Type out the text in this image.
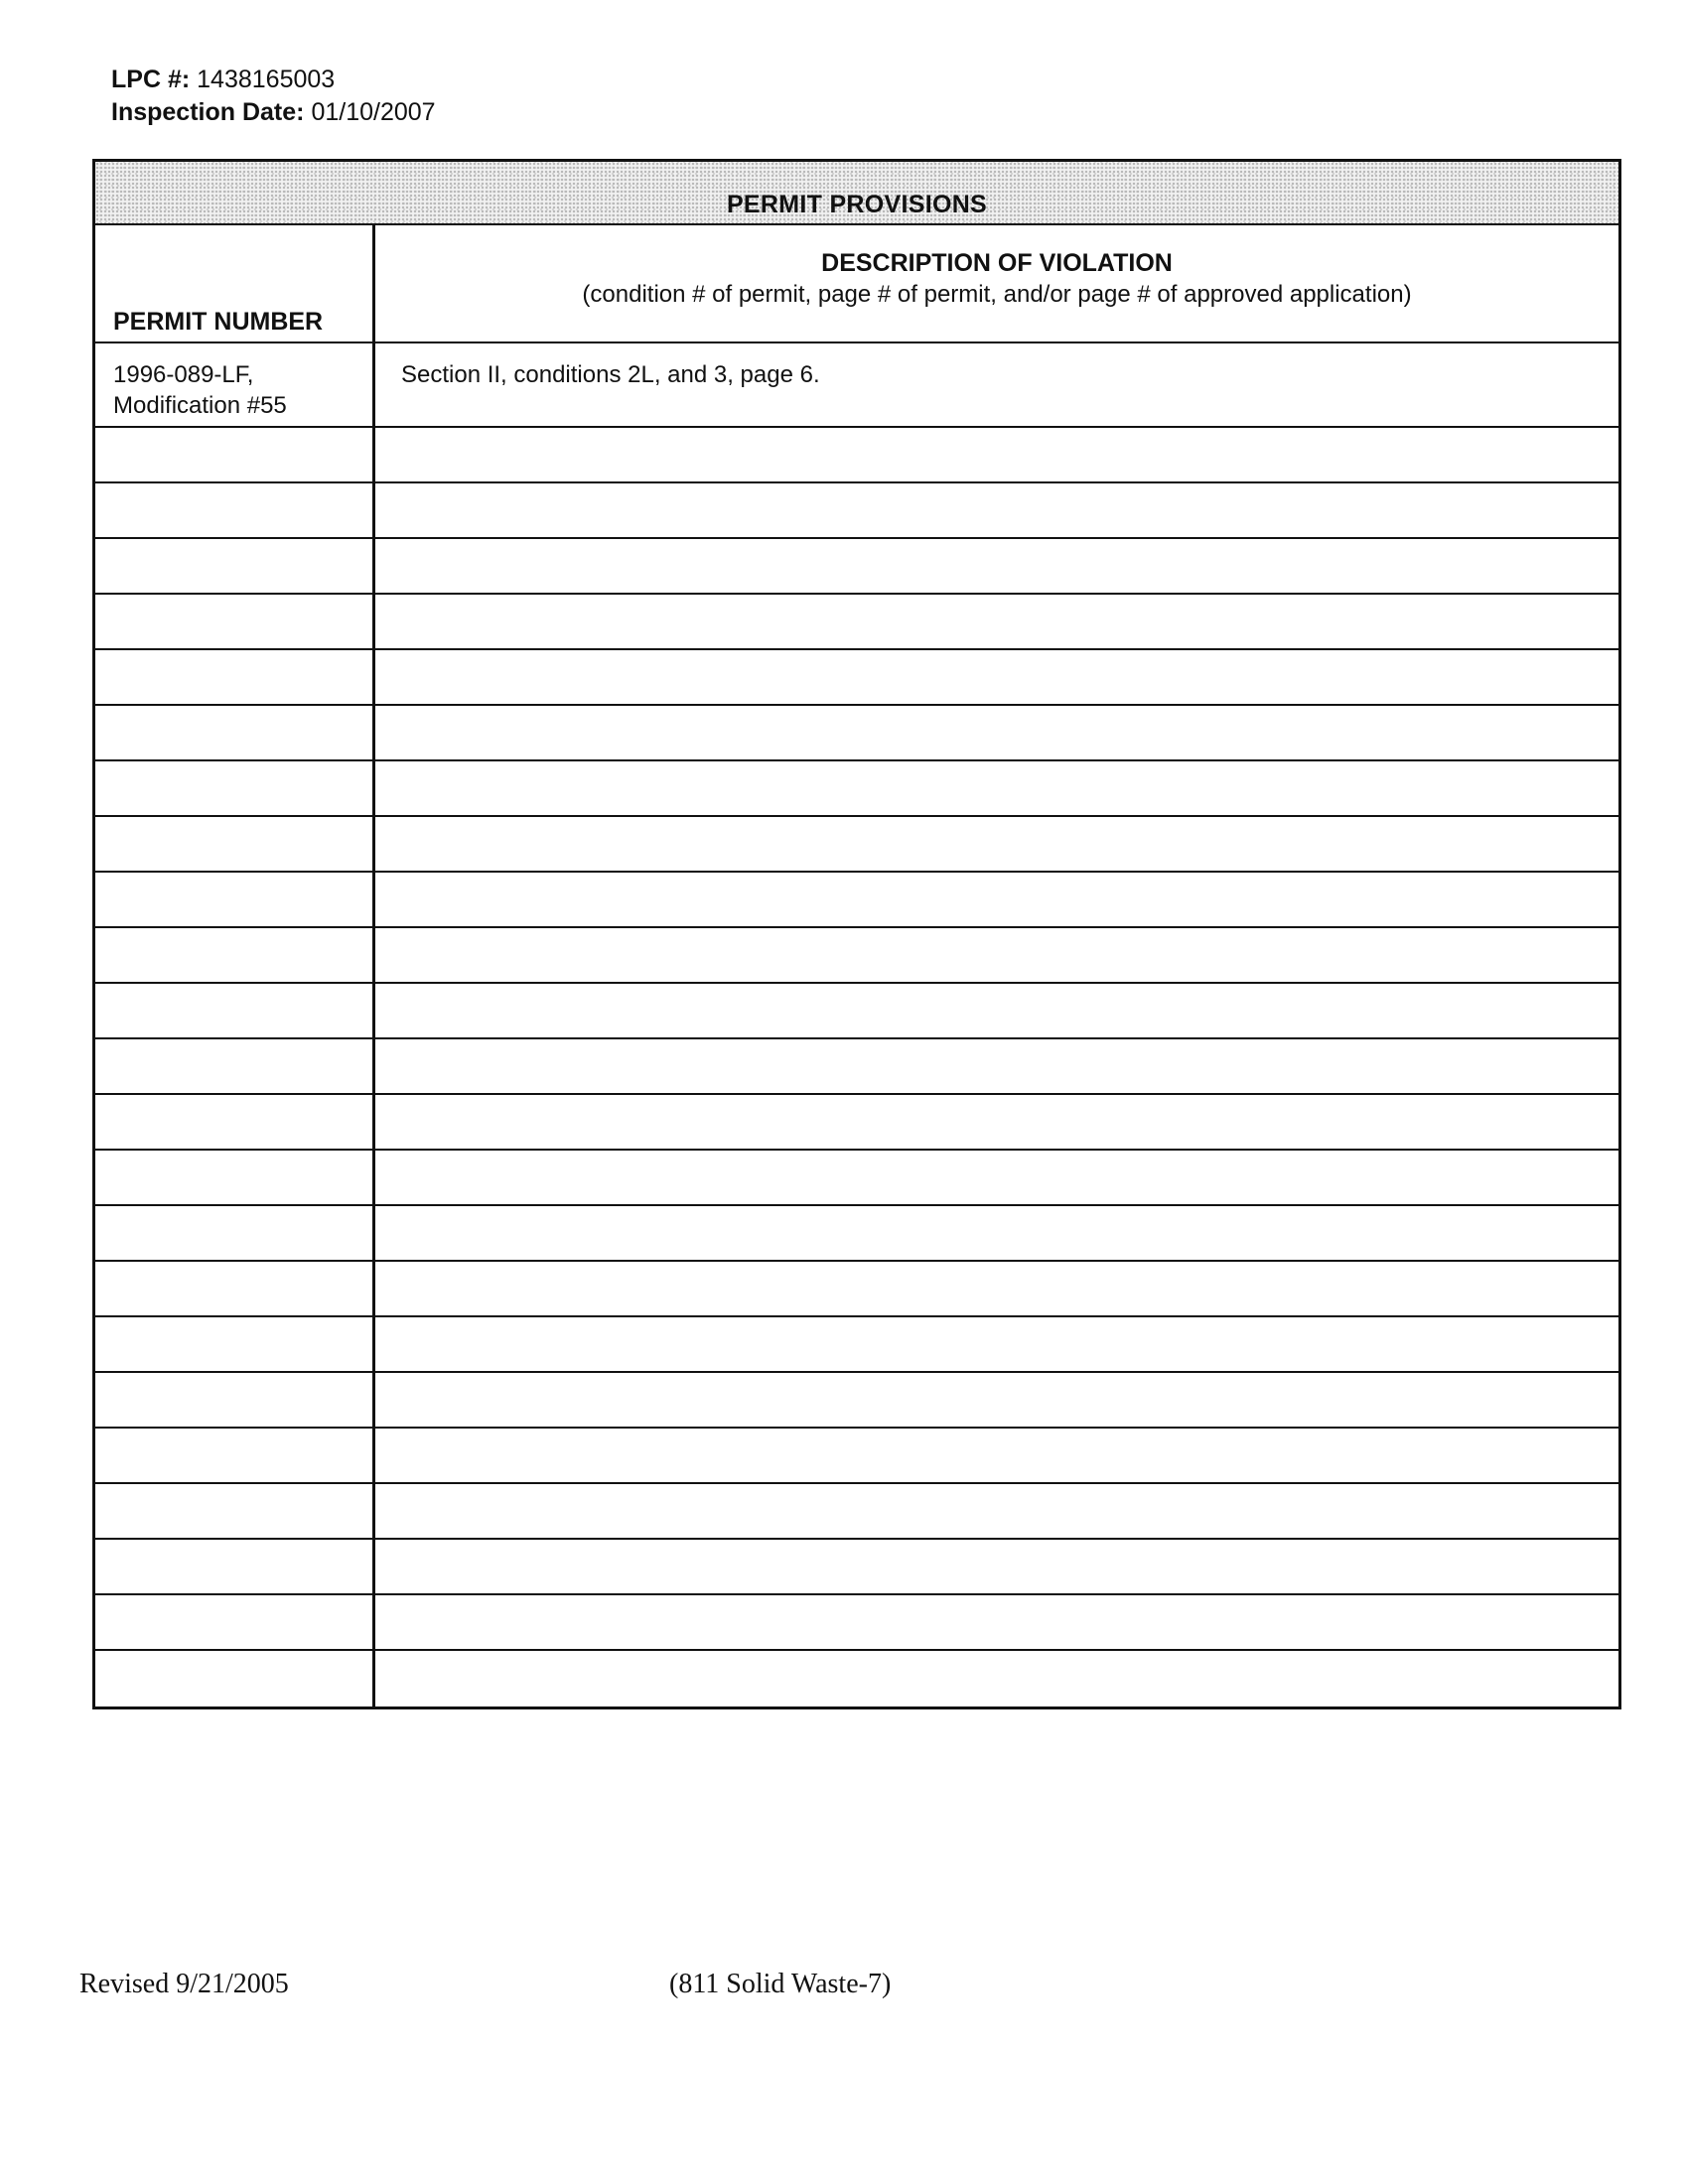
LPC #: 1438165003
Inspection Date: 01/10/2007
PERMIT PROVISIONS
PERMIT NUMBER
DESCRIPTION OF VIOLATION
(condition # of permit, page # of permit, and/or page # of approved application)
1996-089-LF,
Modification #55
Section II, conditions 2L, and 3, page 6.
Revised 9/21/2005	(811 Solid Waste-7)
